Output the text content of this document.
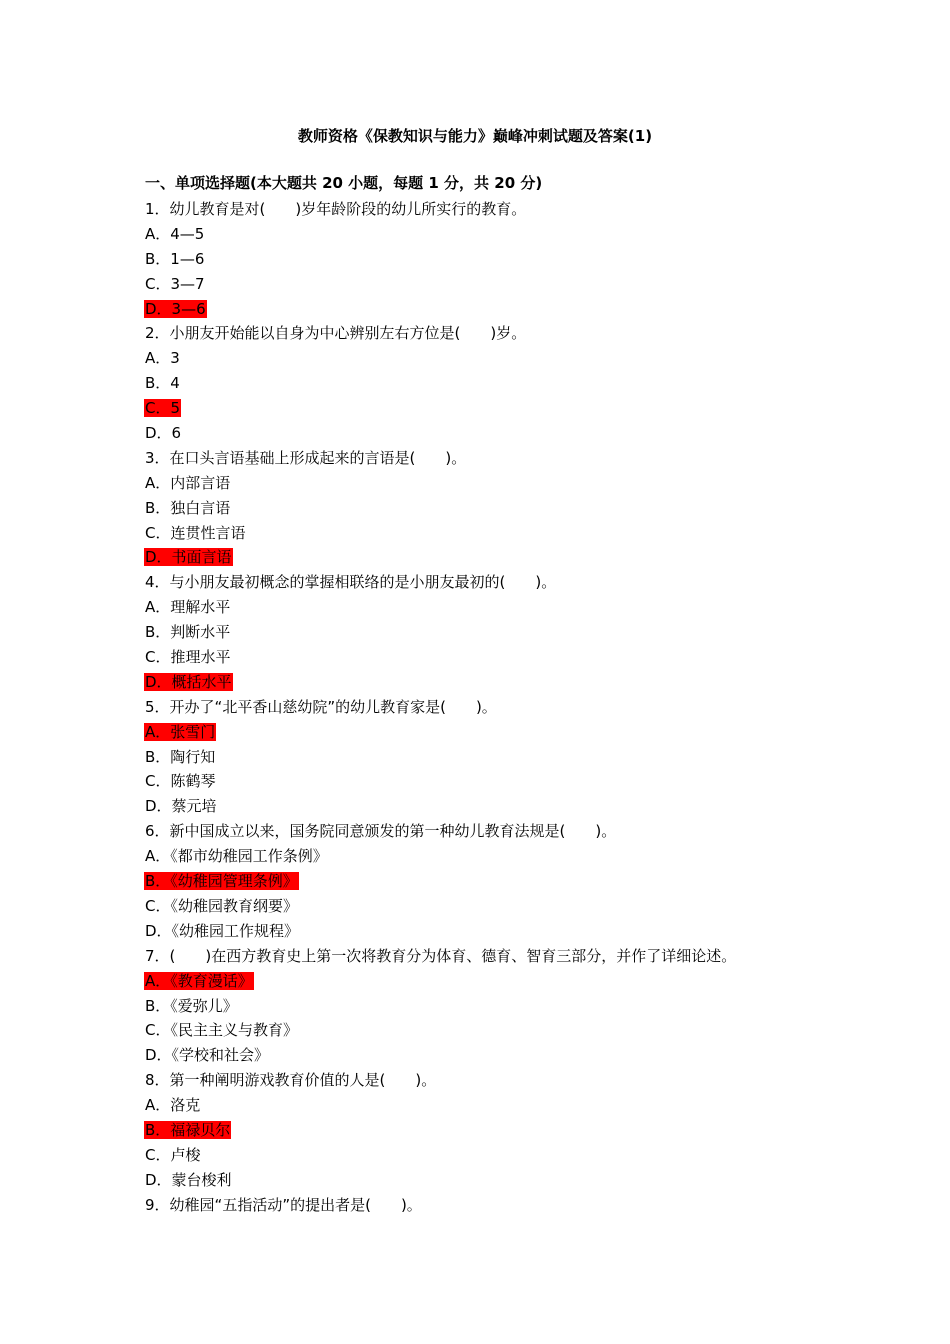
教师资格《保教知识与能力》巅峰冲刺试题及答案(1)
一、单项选择题(本大题共 20 小题，每题 1 分，共 20 分)
1．幼儿教育是对(　　)岁年龄阶段的幼儿所实行的教育。
A．4—5
B．1—6
C．3—7
D．3—6
2．小朋友开始能以自身为中心辨别左右方位是(　　)岁。
A．3
B．4
C．5
D．6
3．在口头言语基础上形成起来的言语是(　　)。
A．内部言语
B．独白言语
C．连贯性言语
D．书面言语
4．与小朋友最初概念的掌握相联络的是小朋友最初的(　　)。
A．理解水平
B．判断水平
C．推理水平
D．概括水平
5．开办了“北平香山慈幼院”的幼儿教育家是(　　)。
A．张雪门
B．陶行知
C．陈鹤琴
D．蔡元培
6．新中国成立以来，国务院同意颁发的第一种幼儿教育法规是(　　)。
A．《都市幼稚园工作条例》
B．《幼稚园管理条例》
C．《幼稚园教育纲要》
D．《幼稚园工作规程》
7．(　　)在西方教育史上第一次将教育分为体育、德育、智育三部分，并作了详细论述。
A．《教育漫话》
B．《爱弥儿》
C．《民主主义与教育》
D．《学校和社会》
8．第一种阐明游戏教育价值的人是(　　)。
A．洛克
B．福禄贝尔
C．卢梭
D．蒙台梭利
9．幼稚园“五指活动”的提出者是(　　)。
